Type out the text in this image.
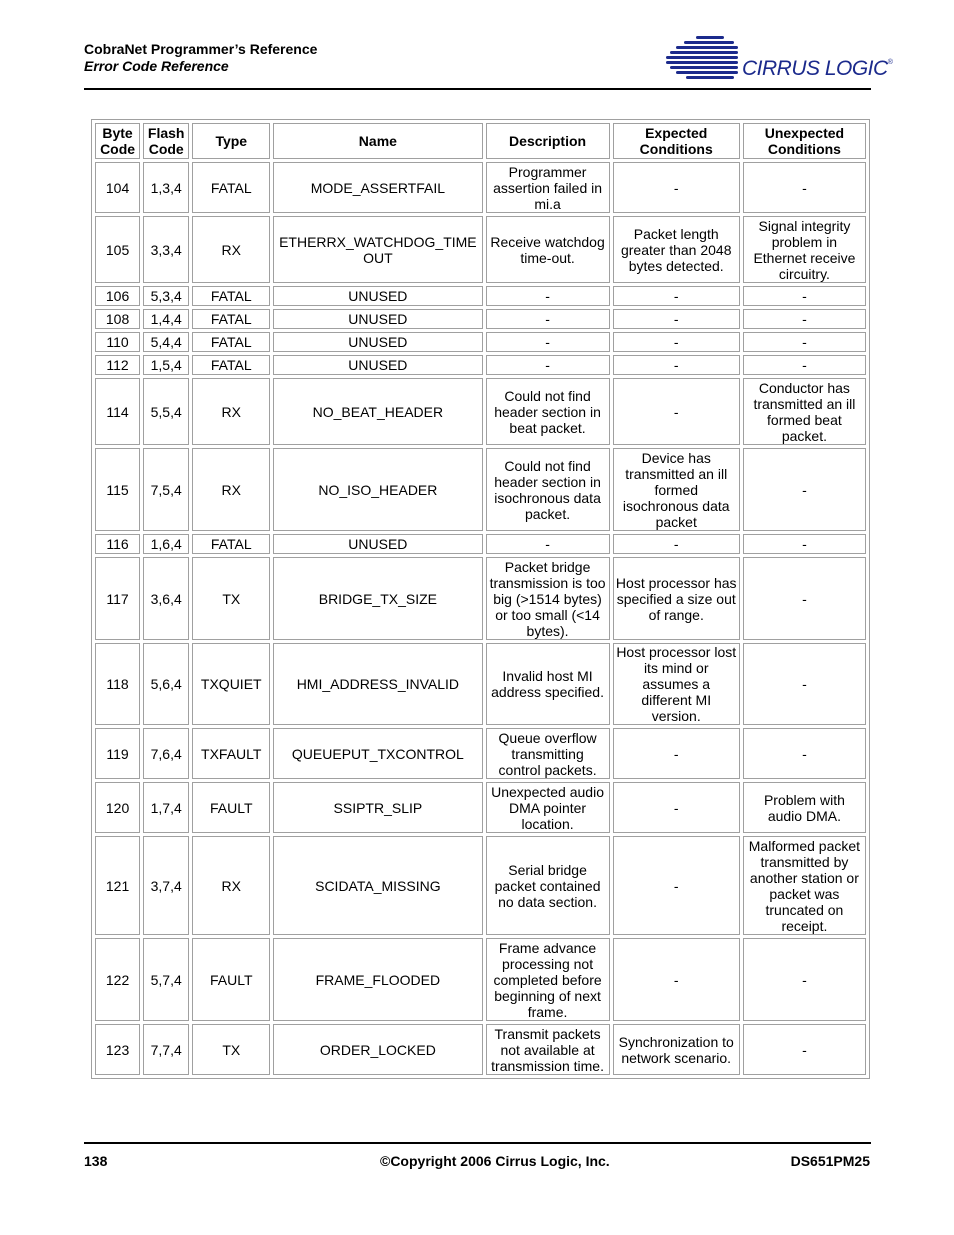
CobraNet Programmer’s Reference
Error Code Reference	CIRRUS LOGIC®
Byte Code	Flash Code	Type	Name	Description	Expected Conditions	Unexpected Conditions
104	1,3,4	FATAL	MODE_ASSERTFAIL	Programmer assertion failed in mi.a	-	-
105	3,3,4	RX	ETHERRX_WATCHDOG_TIMEOUT	Receive watchdog time-out.	Packet length greater than 2048 bytes detected.	Signal integrity problem in Ethernet receive circuitry.
106	5,3,4	FATAL	UNUSED	-	-	-
108	1,4,4	FATAL	UNUSED	-	-	-
110	5,4,4	FATAL	UNUSED	-	-	-
112	1,5,4	FATAL	UNUSED	-	-	-
114	5,5,4	RX	NO_BEAT_HEADER	Could not find header section in beat packet.	-	Conductor has transmitted an ill formed beat packet.
115	7,5,4	RX	NO_ISO_HEADER	Could not find header section in isochronous data packet.	Device has transmitted an ill formed isochronous data packet	-
116	1,6,4	FATAL	UNUSED	-	-	-
117	3,6,4	TX	BRIDGE_TX_SIZE	Packet bridge transmission is too big (>1514 bytes) or too small (<14 bytes).	Host processor has specified a size out of range.	-
118	5,6,4	TXQUIET	HMI_ADDRESS_INVALID	Invalid host MI address specified.	Host processor lost its mind or assumes a different MI version.	-
119	7,6,4	TXFAULT	QUEUEPUT_TXCONTROL	Queue overflow transmitting control packets.	-	-
120	1,7,4	FAULT	SSIPTR_SLIP	Unexpected audio DMA pointer location.	-	Problem with audio DMA.
121	3,7,4	RX	SCIDATA_MISSING	Serial bridge packet contained no data section.	-	Malformed packet transmitted by another station or packet was truncated on receipt.
122	5,7,4	FAULT	FRAME_FLOODED	Frame advance processing not completed before beginning of next frame.	-	-
123	7,7,4	TX	ORDER_LOCKED	Transmit packets not available at transmission time.	Synchronization to network scenario.	-
138	©Copyright 2006 Cirrus Logic, Inc.	DS651PM25
